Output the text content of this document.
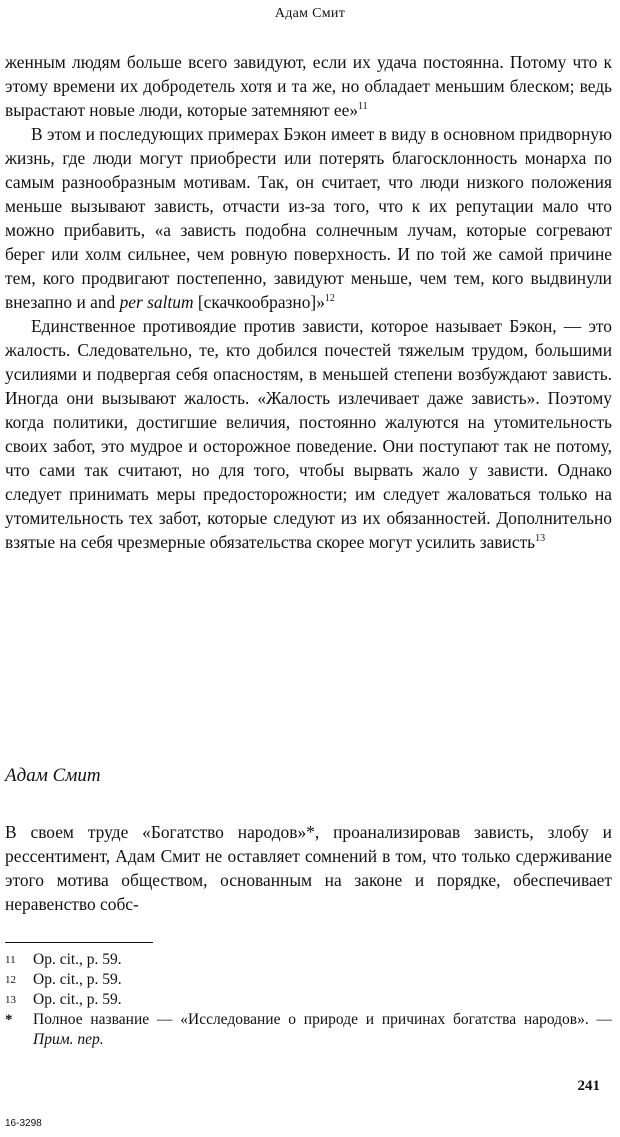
Адам Смит

женным людям больше всего завидуют, если их удача постоянна. Потому что к этому времени их добродетель хотя и та же, но обладает меньшим блеском; ведь вырастают новые люди, которые затемняют ее»$^{11}$

В этом и последующих примерах Бэкон имеет в виду в основном придворную жизнь, где люди могут приобрести или потерять благосклонность монарха по самым разнообразным мотивам. Так, он считает, что люди низкого положения меньше вызывают зависть, отчасти из-за того, что к их репутации мало что можно прибавить, «а зависть подобна солнечным лучам, которые согревают берег или холм сильнее, чем ровную поверхность. И по той же самой причине тем, кого продвигают постепенно, завидуют меньше, чем тем, кого выдвинули внезапно и and per saltum [скачкообразно]»$^{12}$

Единственное противоядие против зависти, которое называет Бэкон, — это жалость. Следовательно, те, кто добился почестей тяжелым трудом, большими усилиями и подвергая себя опасностям, в меньшей степени возбуждают зависть. Иногда они вызывают жалость. «Жалость излечивает даже зависть». Поэтому когда политики, достигшие величия, постоянно жалуются на утомительность своих забот, это мудрое и осторожное поведение. Они поступают так не потому, что сами так считают, но для того, чтобы вырвать жало у зависти. Однако следует принимать меры предосторожности; им следует жаловаться только на утомительность тех забот, которые следуют из их обязанностей. Дополнительно взятые на себя чрезмерные обязательства скорее могут усилить зависть$^{13}$

Адам Смит

В своем труде «Богатство народов»*, проанализировав зависть, злобу и рессентимент, Адам Смит не оставляет сомнений в том, что только сдерживание этого мотива обществом, основанным на законе и порядке, обеспечивает неравенство собс-

11	Op. cit., p. 59.
12	Op. cit., p. 59.
13	Op. cit., p. 59.
*	Полное название — «Исследование о природе и причинах богатства народов». — Прим. пер.
241
16-3298
